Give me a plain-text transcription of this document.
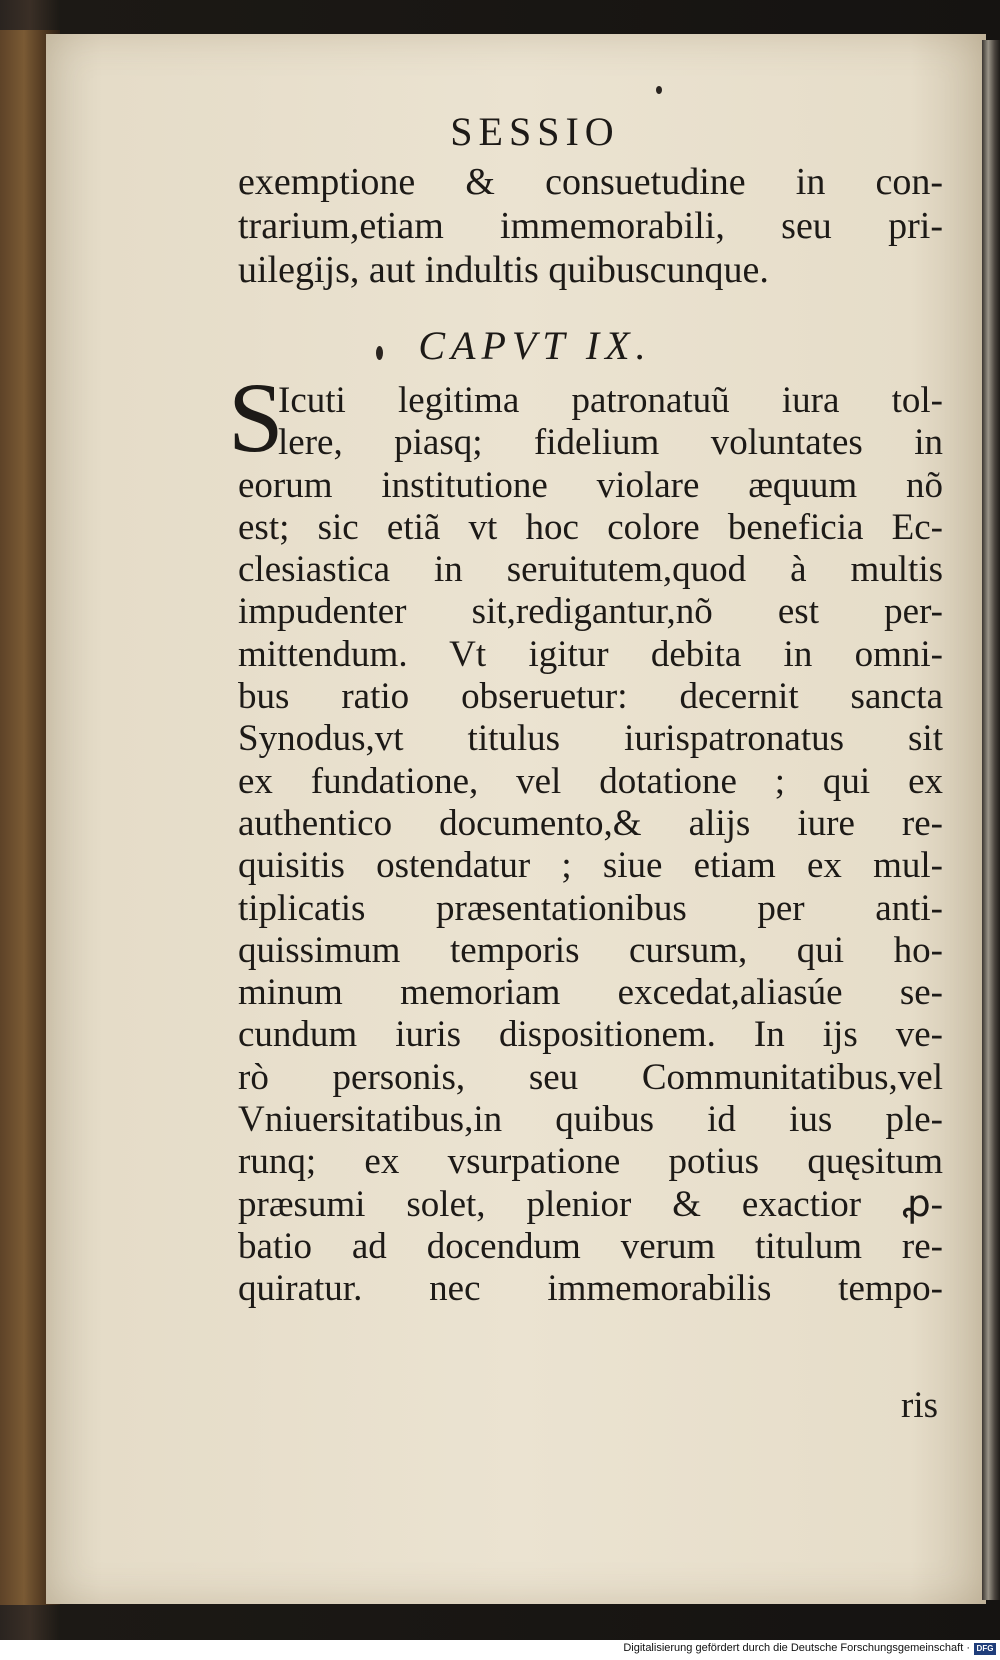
SESSIO
exemptione & consuetudine in con-
trarium,etiam immemorabili, seu pri-
uilegijs, aut indultis quibuscunque.
CAPVT IX.
S
Icuti legitima patronatuũ iura tol-
lere, piasq; fidelium voluntates in
eorum institutione violare æquum nõ
est; sic etiã vt hoc colore beneficia Ec-
clesiastica in seruitutem,quod à multis
impudenter sit,redigantur,nõ est per-
mittendum. Vt igitur debita in omni-
bus ratio obseruetur: decernit sancta
Synodus,vt titulus iurispatronatus sit
ex fundatione, vel dotatione ; qui ex
authentico documento,& alijs iure re-
quisitis ostendatur ; siue etiam ex mul-
tiplicatis præsentationibus per anti-
quissimum temporis cursum, qui ho-
minum memoriam excedat,aliasúe se-
cundum iuris dispositionem. In ijs ve-
rò personis, seu Communitatibus,vel
Vniuersitatibus,in quibus id ius ple-
runq; ex vsurpatione potius quęsitum
præsumi solet, plenior & exactior ꝓ-
batio ad docendum verum titulum re-
quiratur. nec immemorabilis tempo-
ris
Digitalisierung gefördert durch die Deutsche Forschungsgemeinschaft · DFG
